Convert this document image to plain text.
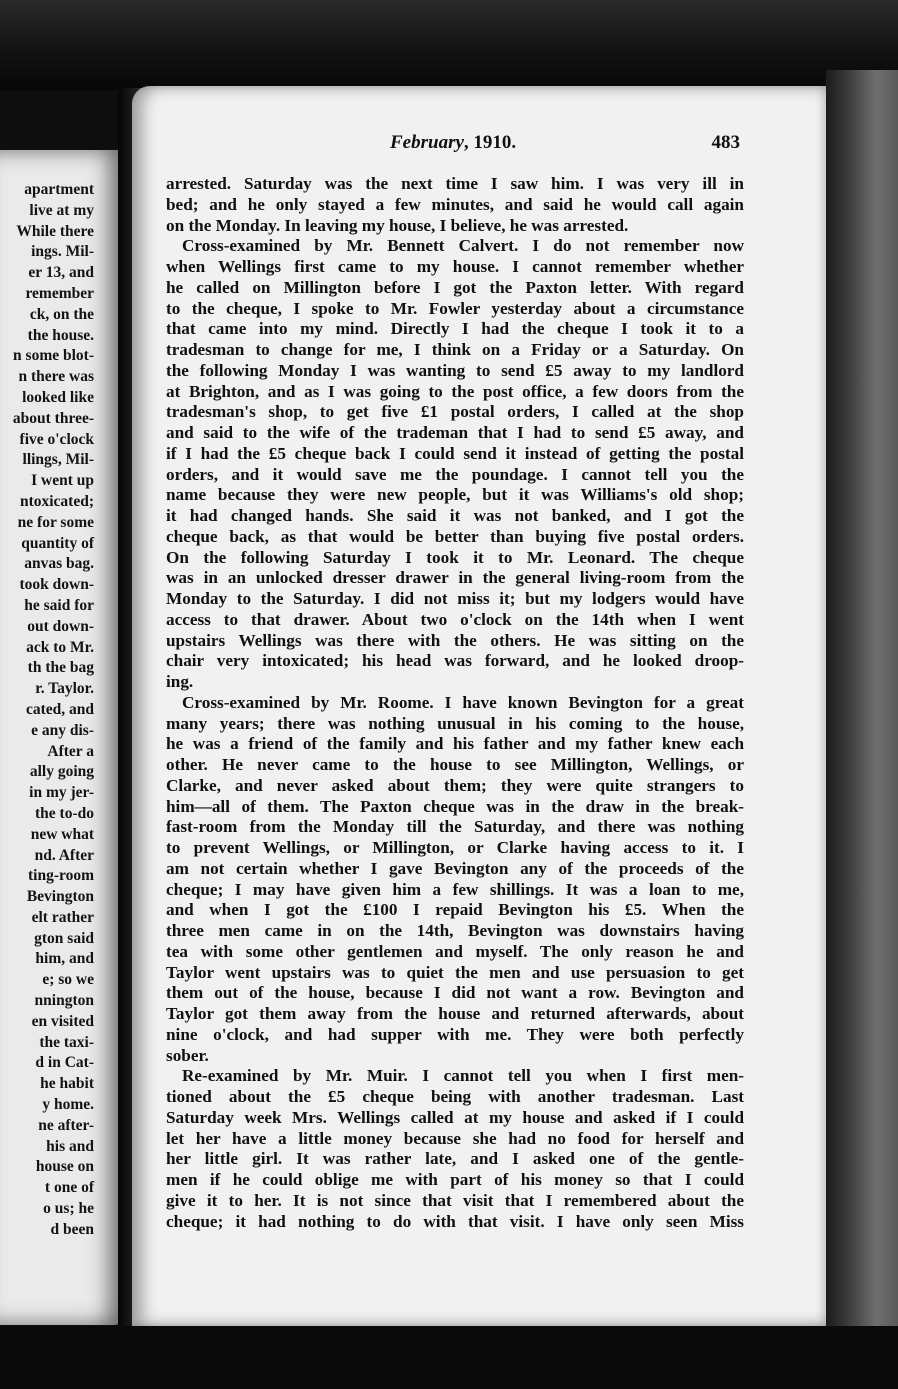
apartment
live at my
While there
ings. Mil-
er 13, and
remember
ck, on the
the house.
n some blot-
n there was
looked like
about three-
five o'clock
llings, Mil-
I went up
ntoxicated;
ne for some
quantity of
anvas bag.
took down-
he said for
out down-
ack to Mr.
th the bag
r. Taylor.
cated, and
e any dis-
After a
ally going
in my jer-
the to-do
new what
nd. After
ting-room
Bevington
elt rather
gton said
him, and
e; so we
nnington
en visited
the taxi-
d in Cat-
he habit
y home.
ne after-
his and
house on
t one of
o us; he
d been
February, 1910.	483
arrested. Saturday was the next time I saw him. I was very ill in
bed; and he only stayed a few minutes, and said he would call again
on the Monday. In leaving my house, I believe, he was arrested.
Cross-examined by Mr. Bennett Calvert. I do not remember now
when Wellings first came to my house. I cannot remember whether
he called on Millington before I got the Paxton letter. With regard
to the cheque, I spoke to Mr. Fowler yesterday about a circumstance
that came into my mind. Directly I had the cheque I took it to a
tradesman to change for me, I think on a Friday or a Saturday. On
the following Monday I was wanting to send £5 away to my landlord
at Brighton, and as I was going to the post office, a few doors from the
tradesman's shop, to get five £1 postal orders, I called at the shop
and said to the wife of the trademan that I had to send £5 away, and
if I had the £5 cheque back I could send it instead of getting the postal
orders, and it would save me the poundage. I cannot tell you the
name because they were new people, but it was Williams's old shop;
it had changed hands. She said it was not banked, and I got the
cheque back, as that would be better than buying five postal orders.
On the following Saturday I took it to Mr. Leonard. The cheque
was in an unlocked dresser drawer in the general living-room from the
Monday to the Saturday. I did not miss it; but my lodgers would have
access to that drawer. About two o'clock on the 14th when I went
upstairs Wellings was there with the others. He was sitting on the
chair very intoxicated; his head was forward, and he looked droop-
ing.
Cross-examined by Mr. Roome. I have known Bevington for a great
many years; there was nothing unusual in his coming to the house,
he was a friend of the family and his father and my father knew each
other. He never came to the house to see Millington, Wellings, or
Clarke, and never asked about them; they were quite strangers to
him—all of them. The Paxton cheque was in the draw in the break-
fast-room from the Monday till the Saturday, and there was nothing
to prevent Wellings, or Millington, or Clarke having access to it. I
am not certain whether I gave Bevington any of the proceeds of the
cheque; I may have given him a few shillings. It was a loan to me,
and when I got the £100 I repaid Bevington his £5. When the
three men came in on the 14th, Bevington was downstairs having
tea with some other gentlemen and myself. The only reason he and
Taylor went upstairs was to quiet the men and use persuasion to get
them out of the house, because I did not want a row. Bevington and
Taylor got them away from the house and returned afterwards, about
nine o'clock, and had supper with me. They were both perfectly
sober.
Re-examined by Mr. Muir. I cannot tell you when I first men-
tioned about the £5 cheque being with another tradesman. Last
Saturday week Mrs. Wellings called at my house and asked if I could
let her have a little money because she had no food for herself and
her little girl. It was rather late, and I asked one of the gentle-
men if he could oblige me with part of his money so that I could
give it to her. It is not since that visit that I remembered about the
cheque; it had nothing to do with that visit. I have only seen Miss
